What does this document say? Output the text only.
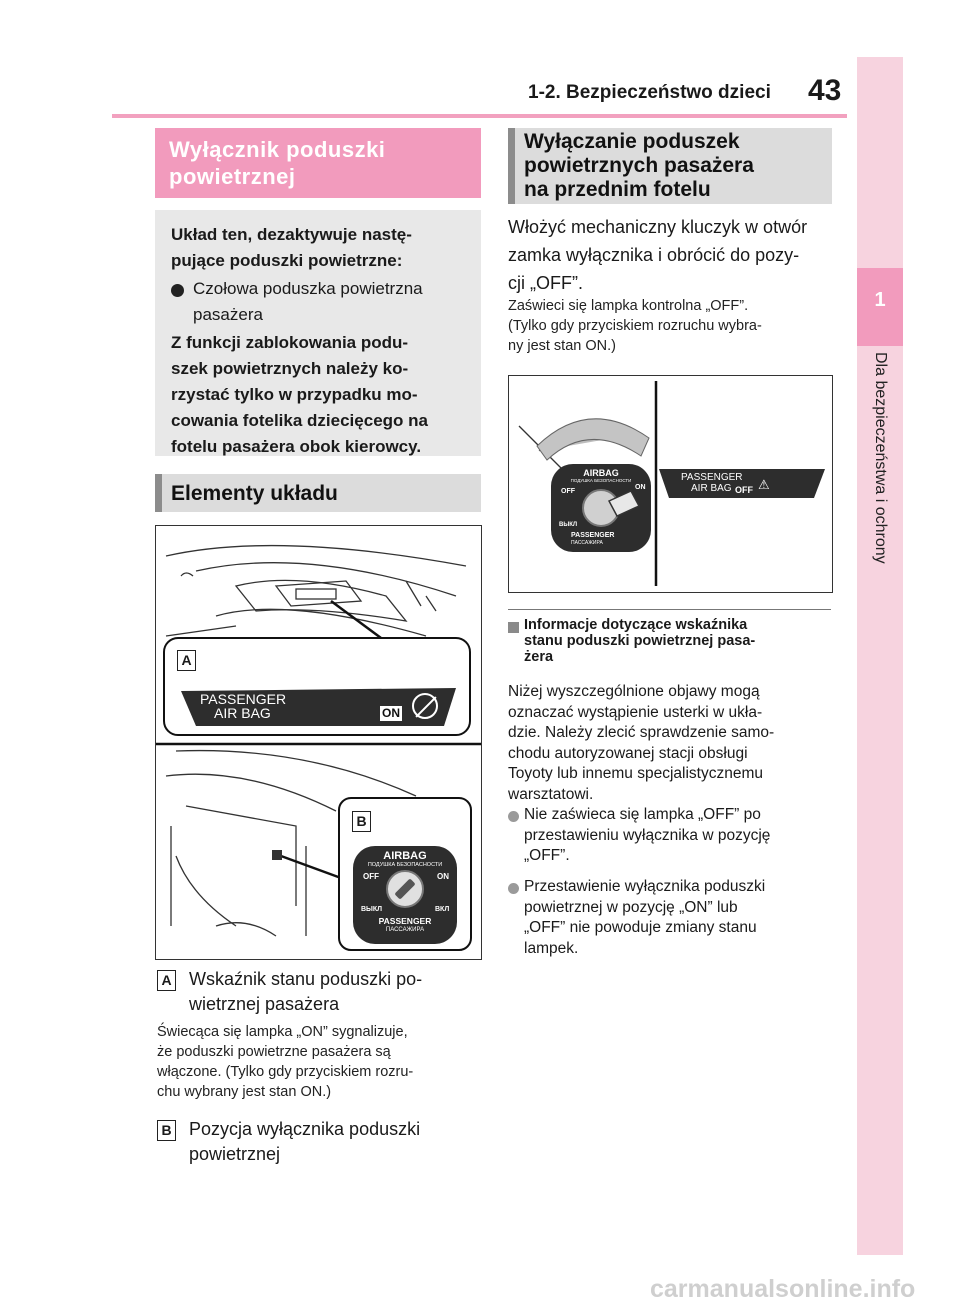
1-2. Bezpieczeństwo dzieci 43
1
Dla bezpieczeństwa i ochrony
Wyłącznik poduszki
powietrznej
Układ ten, dezaktywuje nastę-
pujące poduszki powietrzne:
Czołowa poduszka powietrzna
pasażera
Z funkcji zablokowania podu-
szek powietrznych należy ko-
rzystać tylko w przypadku mo-
cowania fotelika dziecięcego na
fotelu pasażera obok kierowcy.
Elementy układu
A
PASSENGER
AIR BAG	ON
B
AIRBAG
ПОДУШКА БЕЗОПАСНОСТИ
OFF	ON
ВЫКЛ	ВКЛ
PASSENGER
ПАССАЖИРА
A Wskaźnik stanu poduszki po-
wietrznej pasażera
Świecąca się lampka „ON” sygnalizuje,
że poduszki powietrzne pasażera są
włączone. (Tylko gdy przyciskiem rozru-
chu wybrany jest stan ON.)
B Pozycja wyłącznika poduszki
powietrznej
Wyłączanie poduszek
powietrznych pasażera
na przednim fotelu
Włożyć mechaniczny kluczyk w otwór
zamka wyłącznika i obrócić do pozy-
cji „OFF”.
Zaświeci się lampka kontrolna „OFF”.
(Tylko gdy przyciskiem rozruchu wybra-
ny jest stan ON.)
AIRBAG
ПОДУШКА БЕЗОПАСНОСТИ
OFF
ON
ВЫКЛ
PASSENGER
ПАССАЖИРА
PASSENGER
AIR BAG OFF ⚠
Informacje dotyczące wskaźnika
stanu poduszki powietrznej pasa-
żera
Niżej wyszczególnione objawy mogą
oznaczać wystąpienie usterki w ukła-
dzie. Należy zlecić sprawdzenie samo-
chodu autoryzowanej stacji obsługi
Toyoty lub innemu specjalistycznemu
warsztatowi.
Nie zaświeca się lampka „OFF” po
przestawieniu wyłącznika w pozycję
„OFF”.
Przestawienie wyłącznika poduszki
powietrznej w pozycję „ON” lub
„OFF” nie powoduje zmiany stanu
lampek.
carmanualsonline.info
